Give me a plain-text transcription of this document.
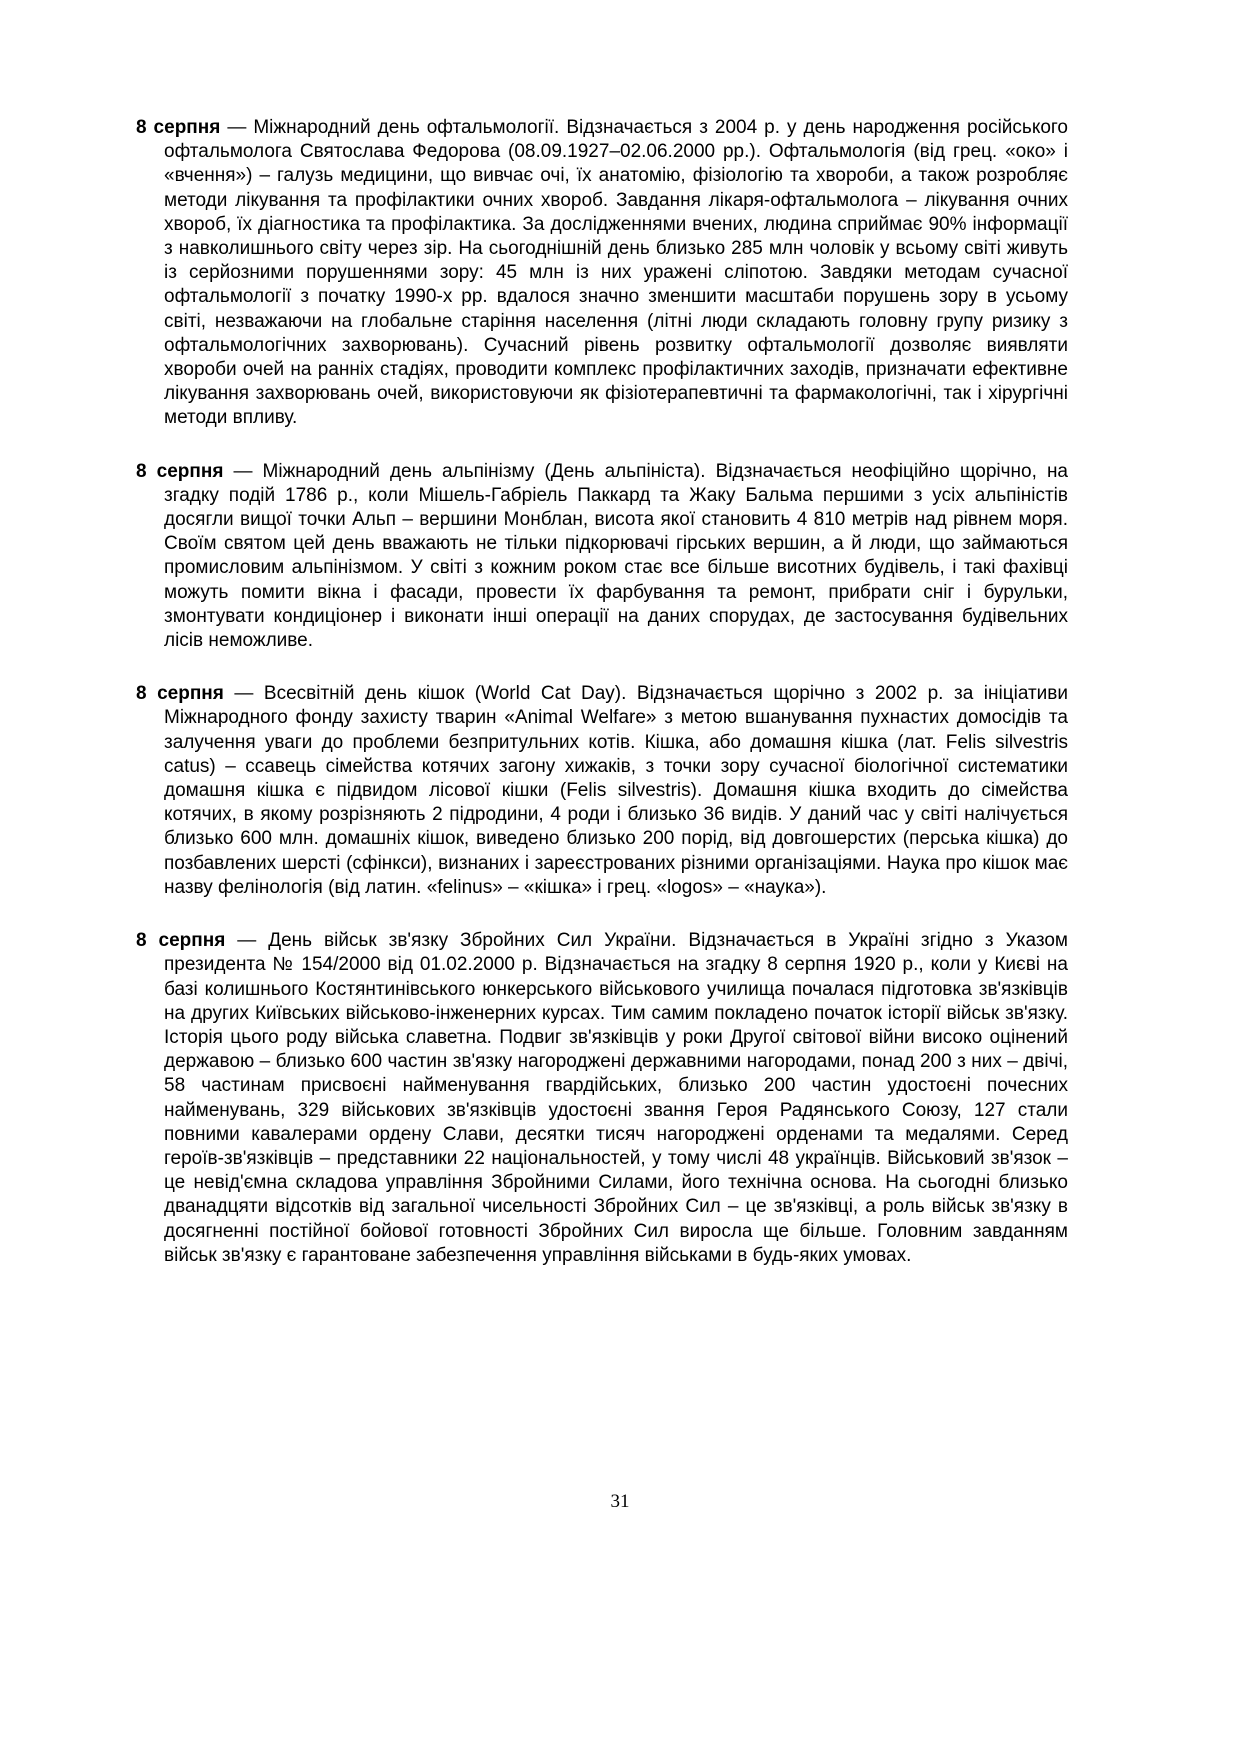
8 серпня — Міжнародний день офтальмології. Відзначається з 2004 р. у день народження російського офтальмолога Святослава Федорова (08.09.1927–02.06.2000 рр.). Офтальмологія (від грец. «око» і «вчення») – галузь медицини, що вивчає очі, їх анатомію, фізіологію та хвороби, а також розробляє методи лікування та профілактики очних хвороб. Завдання лікаря-офтальмолога – лікування очних хвороб, їх діагностика та профілактика. За дослідженнями вчених, людина сприймає 90% інформації з навколишнього світу через зір. На сьогоднішній день близько 285 млн чоловік у всьому світі живуть із серйозними порушеннями зору: 45 млн із них уражені сліпотою. Завдяки методам сучасної офтальмології з початку 1990-х рр. вдалося значно зменшити масштаби порушень зору в усьому світі, незважаючи на глобальне старіння населення (літні люди складають головну групу ризику з офтальмологічних захворювань). Сучасний рівень розвитку офтальмології дозволяє виявляти хвороби очей на ранніх стадіях, проводити комплекс профілактичних заходів, призначати ефективне лікування захворювань очей, використовуючи як фізіотерапевтичні та фармакологічні, так і хірургічні методи впливу.

8 серпня — Міжнародний день альпінізму (День альпініста). Відзначається неофіційно щорічно, на згадку подій 1786 р., коли Мішель-Габріель Паккард та Жаку Бальма першими з усіх альпіністів досягли вищої точки Альп – вершини Монблан, висота якої становить 4 810 метрів над рівнем моря. Своїм святом цей день вважають не тільки підкорювачі гірських вершин, а й люди, що займаються промисловим альпінізмом. У світі з кожним роком стає все більше висотних будівель, і такі фахівці можуть помити вікна і фасади, провести їх фарбування та ремонт, прибрати сніг і бурульки, змонтувати кондиціонер і виконати інші операції на даних спорудах, де застосування будівельних лісів неможливе.

8 серпня — Всесвітній день кішок (World Cat Day). Відзначається щорічно з 2002 р. за ініціативи Міжнародного фонду захисту тварин «Animal Welfare» з метою вшанування пухнастих домосідів та залучення уваги до проблеми безпритульних котів. Кішка, або домашня кішка (лат. Felis silvestris catus) – ссавець сімейства котячих загону хижаків, з точки зору сучасної біологічної систематики домашня кішка є підвидом лісової кішки (Felis silvestris). Домашня кішка входить до сімейства котячих, в якому розрізняють 2 підродини, 4 роди і близько 36 видів. У даний час у світі налічується близько 600 млн. домашніх кішок, виведено близько 200 порід, від довгошерстих (перська кішка) до позбавлених шерсті (сфінкси), визнаних і зареєстрованих різними організаціями. Наука про кішок має назву фелінологія (від латин. «felinus» – «кішка» і грец. «logos» – «наука»).

8 серпня — День військ зв'язку Збройних Сил України. Відзначається в Україні згідно з Указом президента № 154/2000 від 01.02.2000 р. Відзначається на згадку 8 серпня 1920 р., коли у Києві на базі колишнього Костянтинівського юнкерського військового училища почалася підготовка зв'язківців на других Київських військово-інженерних курсах. Тим самим покладено початок історії військ зв'язку. Історія цього роду війська славетна. Подвиг зв'язківців у роки Другої світової війни високо оцінений державою – близько 600 частин зв'язку нагороджені державними нагородами, понад 200 з них – двічі, 58 частинам присвоєні найменування гвардійських, близько 200 частин удостоєні почесних найменувань, 329 військових зв'язківців удостоєні звання Героя Радянського Союзу, 127 стали повними кавалерами ордену Слави, десятки тисяч нагороджені орденами та медалями. Серед героїв-зв'язківців – представники 22 національностей, у тому числі 48 українців. Військовий зв'язок – це невід'ємна складова управління Збройними Силами, його технічна основа. На сьогодні близько дванадцяти відсотків від загальної чисельності Збройних Сил – це зв'язківці, а роль військ зв'язку в досягненні постійної бойової готовності Збройних Сил виросла ще більше. Головним завданням військ зв'язку є гарантоване забезпечення управління військами в будь-яких умовах.

31
